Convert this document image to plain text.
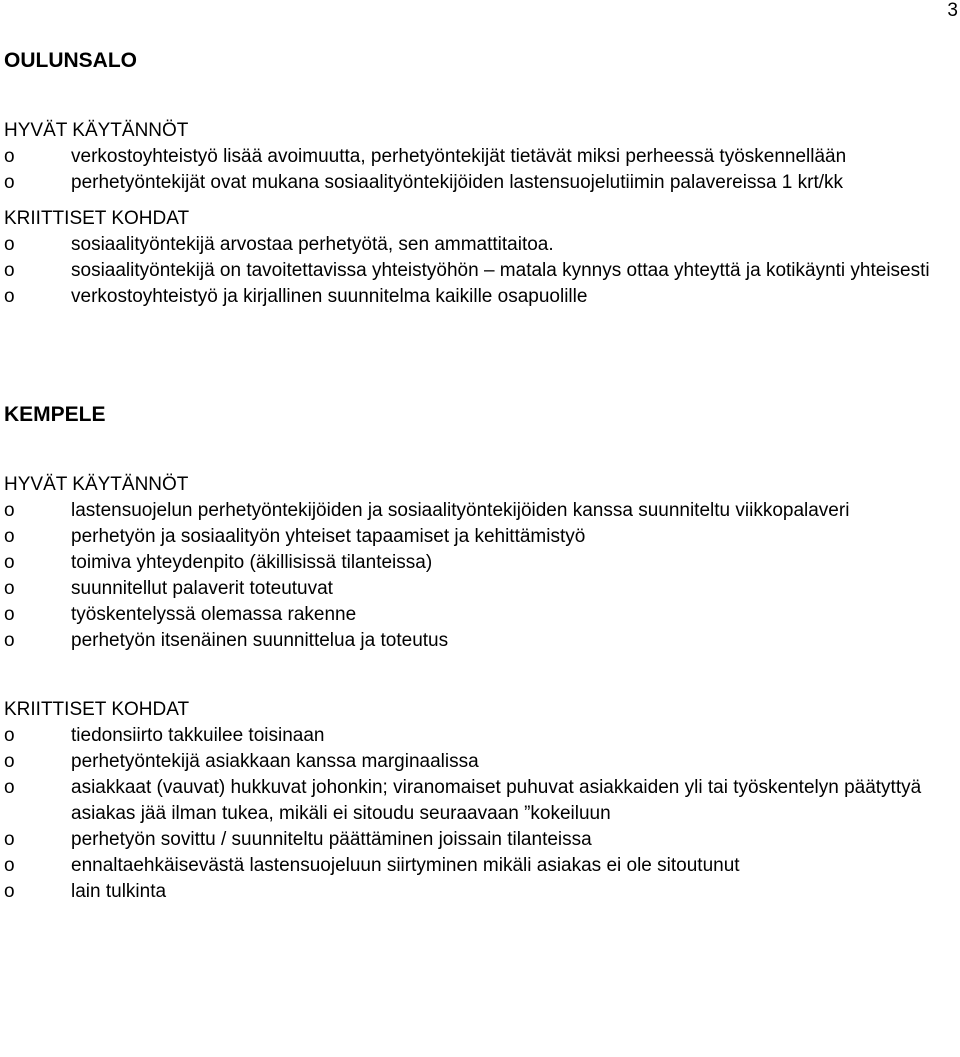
3
OULUNSALO
HYVÄT KÄYTÄNNÖT
o	verkostoyhteistyö lisää avoimuutta, perhetyöntekijät tietävät miksi perheessä työskennellään
o	perhetyöntekijät ovat mukana sosiaalityöntekijöiden lastensuojelutiimin palavereissa 1 krt/kk
KRIITTISET KOHDAT
o	sosiaalityöntekijä arvostaa perhetyötä, sen ammattitaitoa.
o	sosiaalityöntekijä on tavoitettavissa yhteistyöhön – matala kynnys ottaa yhteyttä ja kotikäynti yhteisesti
o	verkostoyhteistyö ja kirjallinen suunnitelma kaikille osapuolille
KEMPELE
HYVÄT KÄYTÄNNÖT
o	lastensuojelun perhetyöntekijöiden ja sosiaalityöntekijöiden kanssa suunniteltu viikkopalaveri
o	perhetyön ja sosiaalityön yhteiset tapaamiset ja kehittämistyö
o	toimiva yhteydenpito (äkillisissä tilanteissa)
o	suunnitellut palaverit toteutuvat
o	työskentelyssä olemassa rakenne
o	perhetyön itsenäinen suunnittelua ja toteutus
KRIITTISET KOHDAT
o	tiedonsiirto takkuilee toisinaan
o	perhetyöntekijä asiakkaan kanssa marginaalissa
o	asiakkaat (vauvat) hukkuvat johonkin; viranomaiset puhuvat asiakkaiden yli tai työskentelyn päätyttyä asiakas jää ilman tukea, mikäli ei sitoudu seuraavaan ”kokeiluun
o	perhetyön sovittu / suunniteltu päättäminen joissain tilanteissa
o	ennaltaehkäisevästä lastensuojeluun siirtyminen mikäli asiakas ei ole sitoutunut
o	lain tulkinta
